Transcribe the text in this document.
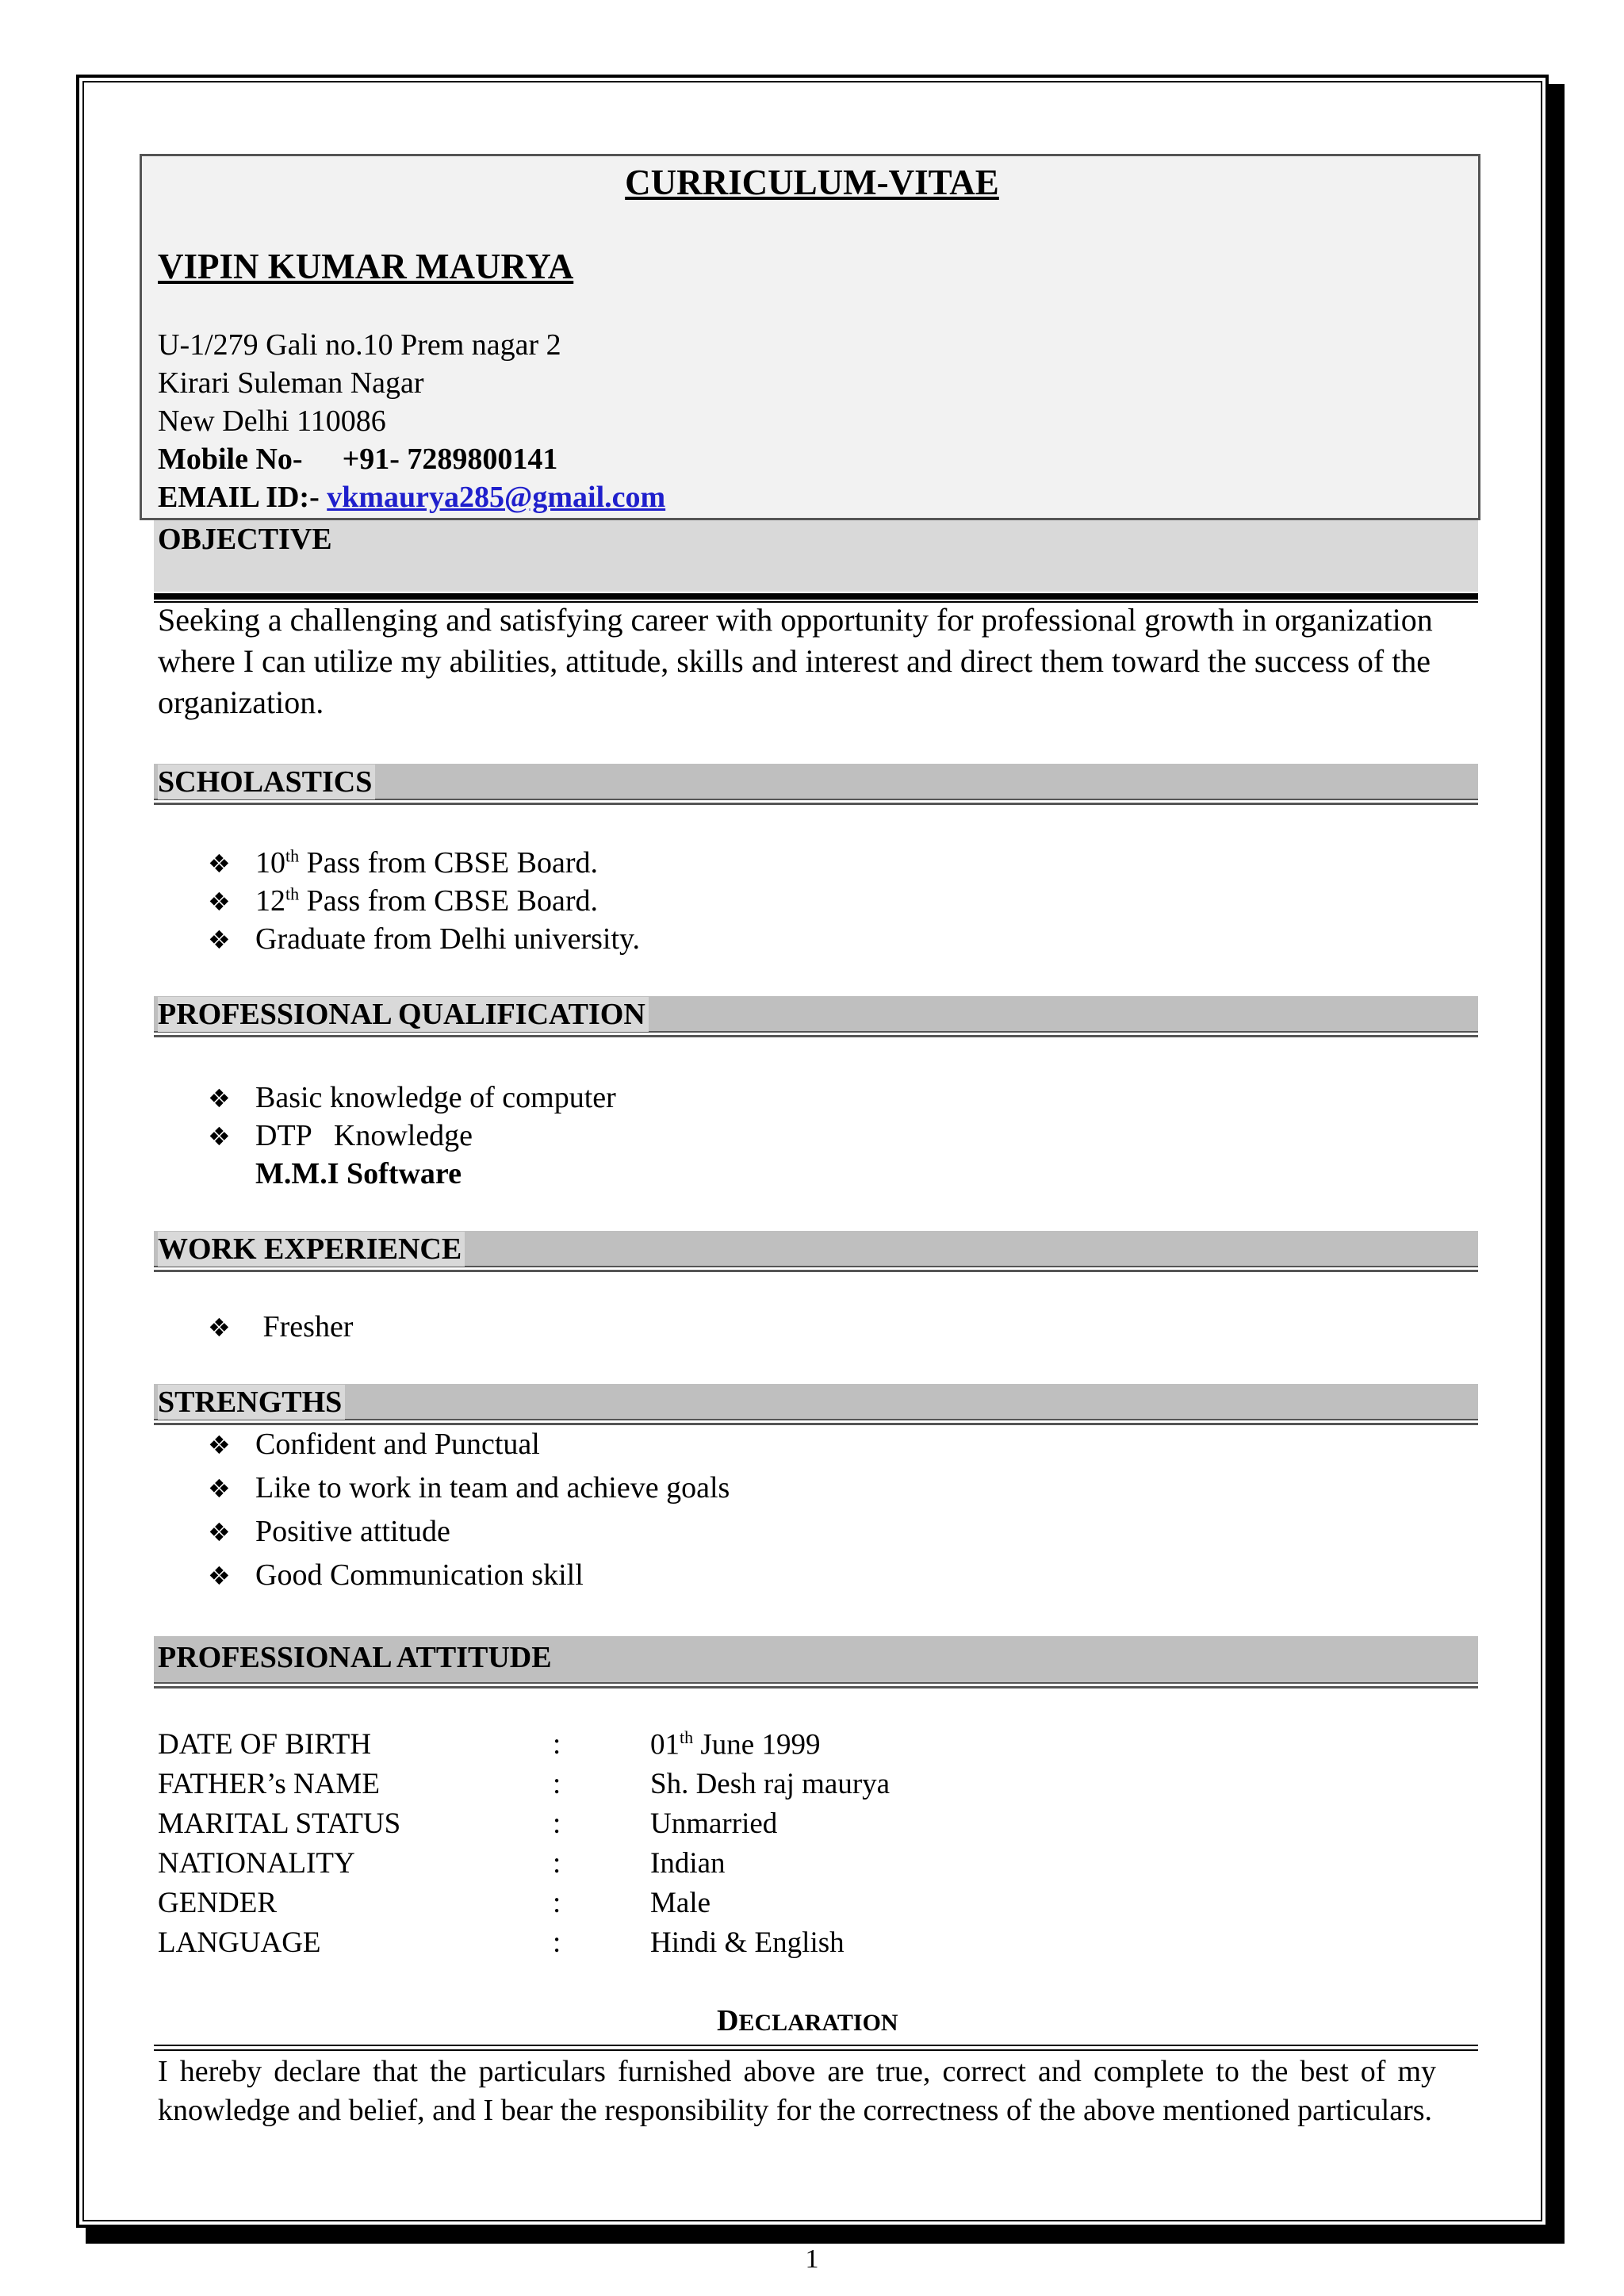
CURRICULUM-VITAE
VIPIN KUMAR MAURYA
U-1/279 Gali no.10 Prem nagar 2
Kirari Suleman Nagar
New Delhi 110086
Mobile No- +91- 7289800141
EMAIL ID:- vkmaurya285@gmail.com
OBJECTIVE
Seeking a challenging and satisfying career with opportunity for professional growth in organization where I can utilize my abilities, attitude, skills and interest and direct them toward the success of the organization.
SCHOLASTICS
❖ 10th Pass from CBSE Board.
❖ 12th Pass from CBSE Board.
❖ Graduate from Delhi university.
PROFESSIONAL QUALIFICATION
❖ Basic knowledge of computer
❖ DTP   Knowledge
M.M.I Software
WORK EXPERIENCE
❖ Fresher
STRENGTHS
❖ Confident and Punctual
❖ Like to work in team and achieve goals
❖ Positive attitude
❖ Good Communication skill
PROFESSIONAL ATTITUDE
DATE OF BIRTH	:	01th June 1999
FATHER’s NAME	:	Sh. Desh raj maurya
MARITAL STATUS	:	Unmarried
NATIONALITY	:	Indian
GENDER	:	Male
LANGUAGE	:	Hindi & English
DECLARATION
I hereby declare that the particulars furnished above are true, correct and complete to the best of my knowledge and belief, and I bear the responsibility for the correctness of the above mentioned particulars.
1
